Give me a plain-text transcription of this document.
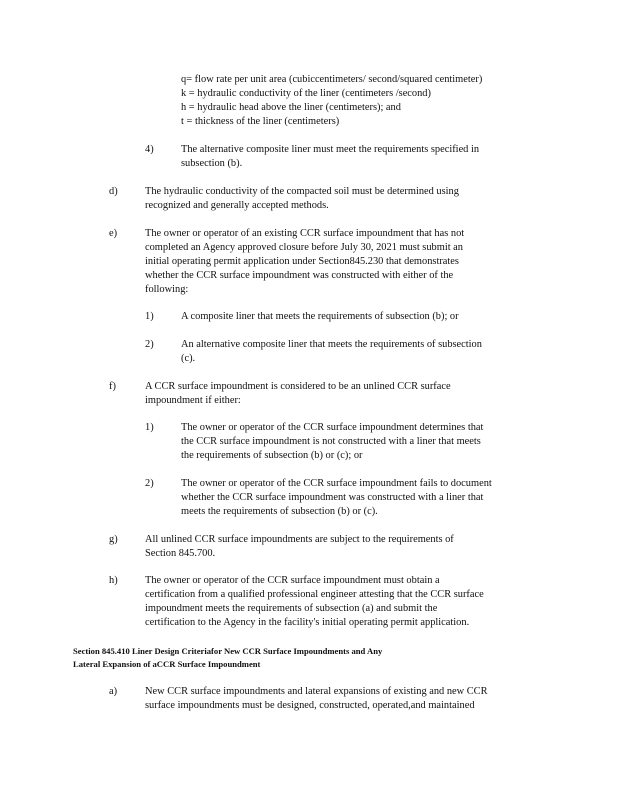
q= flow rate per unit area (cubiccentimeters/ second/squared centimeter)
k = hydraulic conductivity of the liner (centimeters /second)
h = hydraulic head above the liner (centimeters); and
t = thickness of the liner (centimeters)
4)	The alternative composite liner must meet the requirements specified in
subsection (b).
d)	The hydraulic conductivity of the compacted soil must be determined using
recognized and generally accepted methods.
e)	The owner or operator of an existing CCR surface impoundment that has not
completed an Agency approved closure before July 30, 2021 must submit an
initial operating permit application under Section845.230 that demonstrates
whether the CCR surface impoundment was constructed with either of the
following:
1)	A composite liner that meets the requirements of subsection (b); or
2)	An alternative composite liner that meets the requirements of subsection
(c).
f)	A CCR surface impoundment is considered to be an unlined CCR surface
impoundment if either:
1)	The owner or operator of the CCR surface impoundment determines that
the CCR surface impoundment is not constructed with a liner that meets
the requirements of subsection (b) or (c); or
2)	The owner or operator of the CCR surface impoundment fails to document
whether the CCR surface impoundment was constructed with a liner that
meets the requirements of subsection (b) or (c).
g)	All unlined CCR surface impoundments are subject to the requirements of
Section 845.700.
h)	The owner or operator of the CCR surface impoundment must obtain a
certification from a qualified professional engineer attesting that the CCR surface
impoundment meets the requirements of subsection (a) and submit the
certification to the Agency in the facility's initial operating permit application.
Section 845.410 Liner Design Criteriafor New CCR Surface Impoundments and Any
Lateral Expansion of aCCR Surface Impoundment
a)	New CCR surface impoundments and lateral expansions of existing and new CCR
surface impoundments must be designed, constructed, operated,and maintained
